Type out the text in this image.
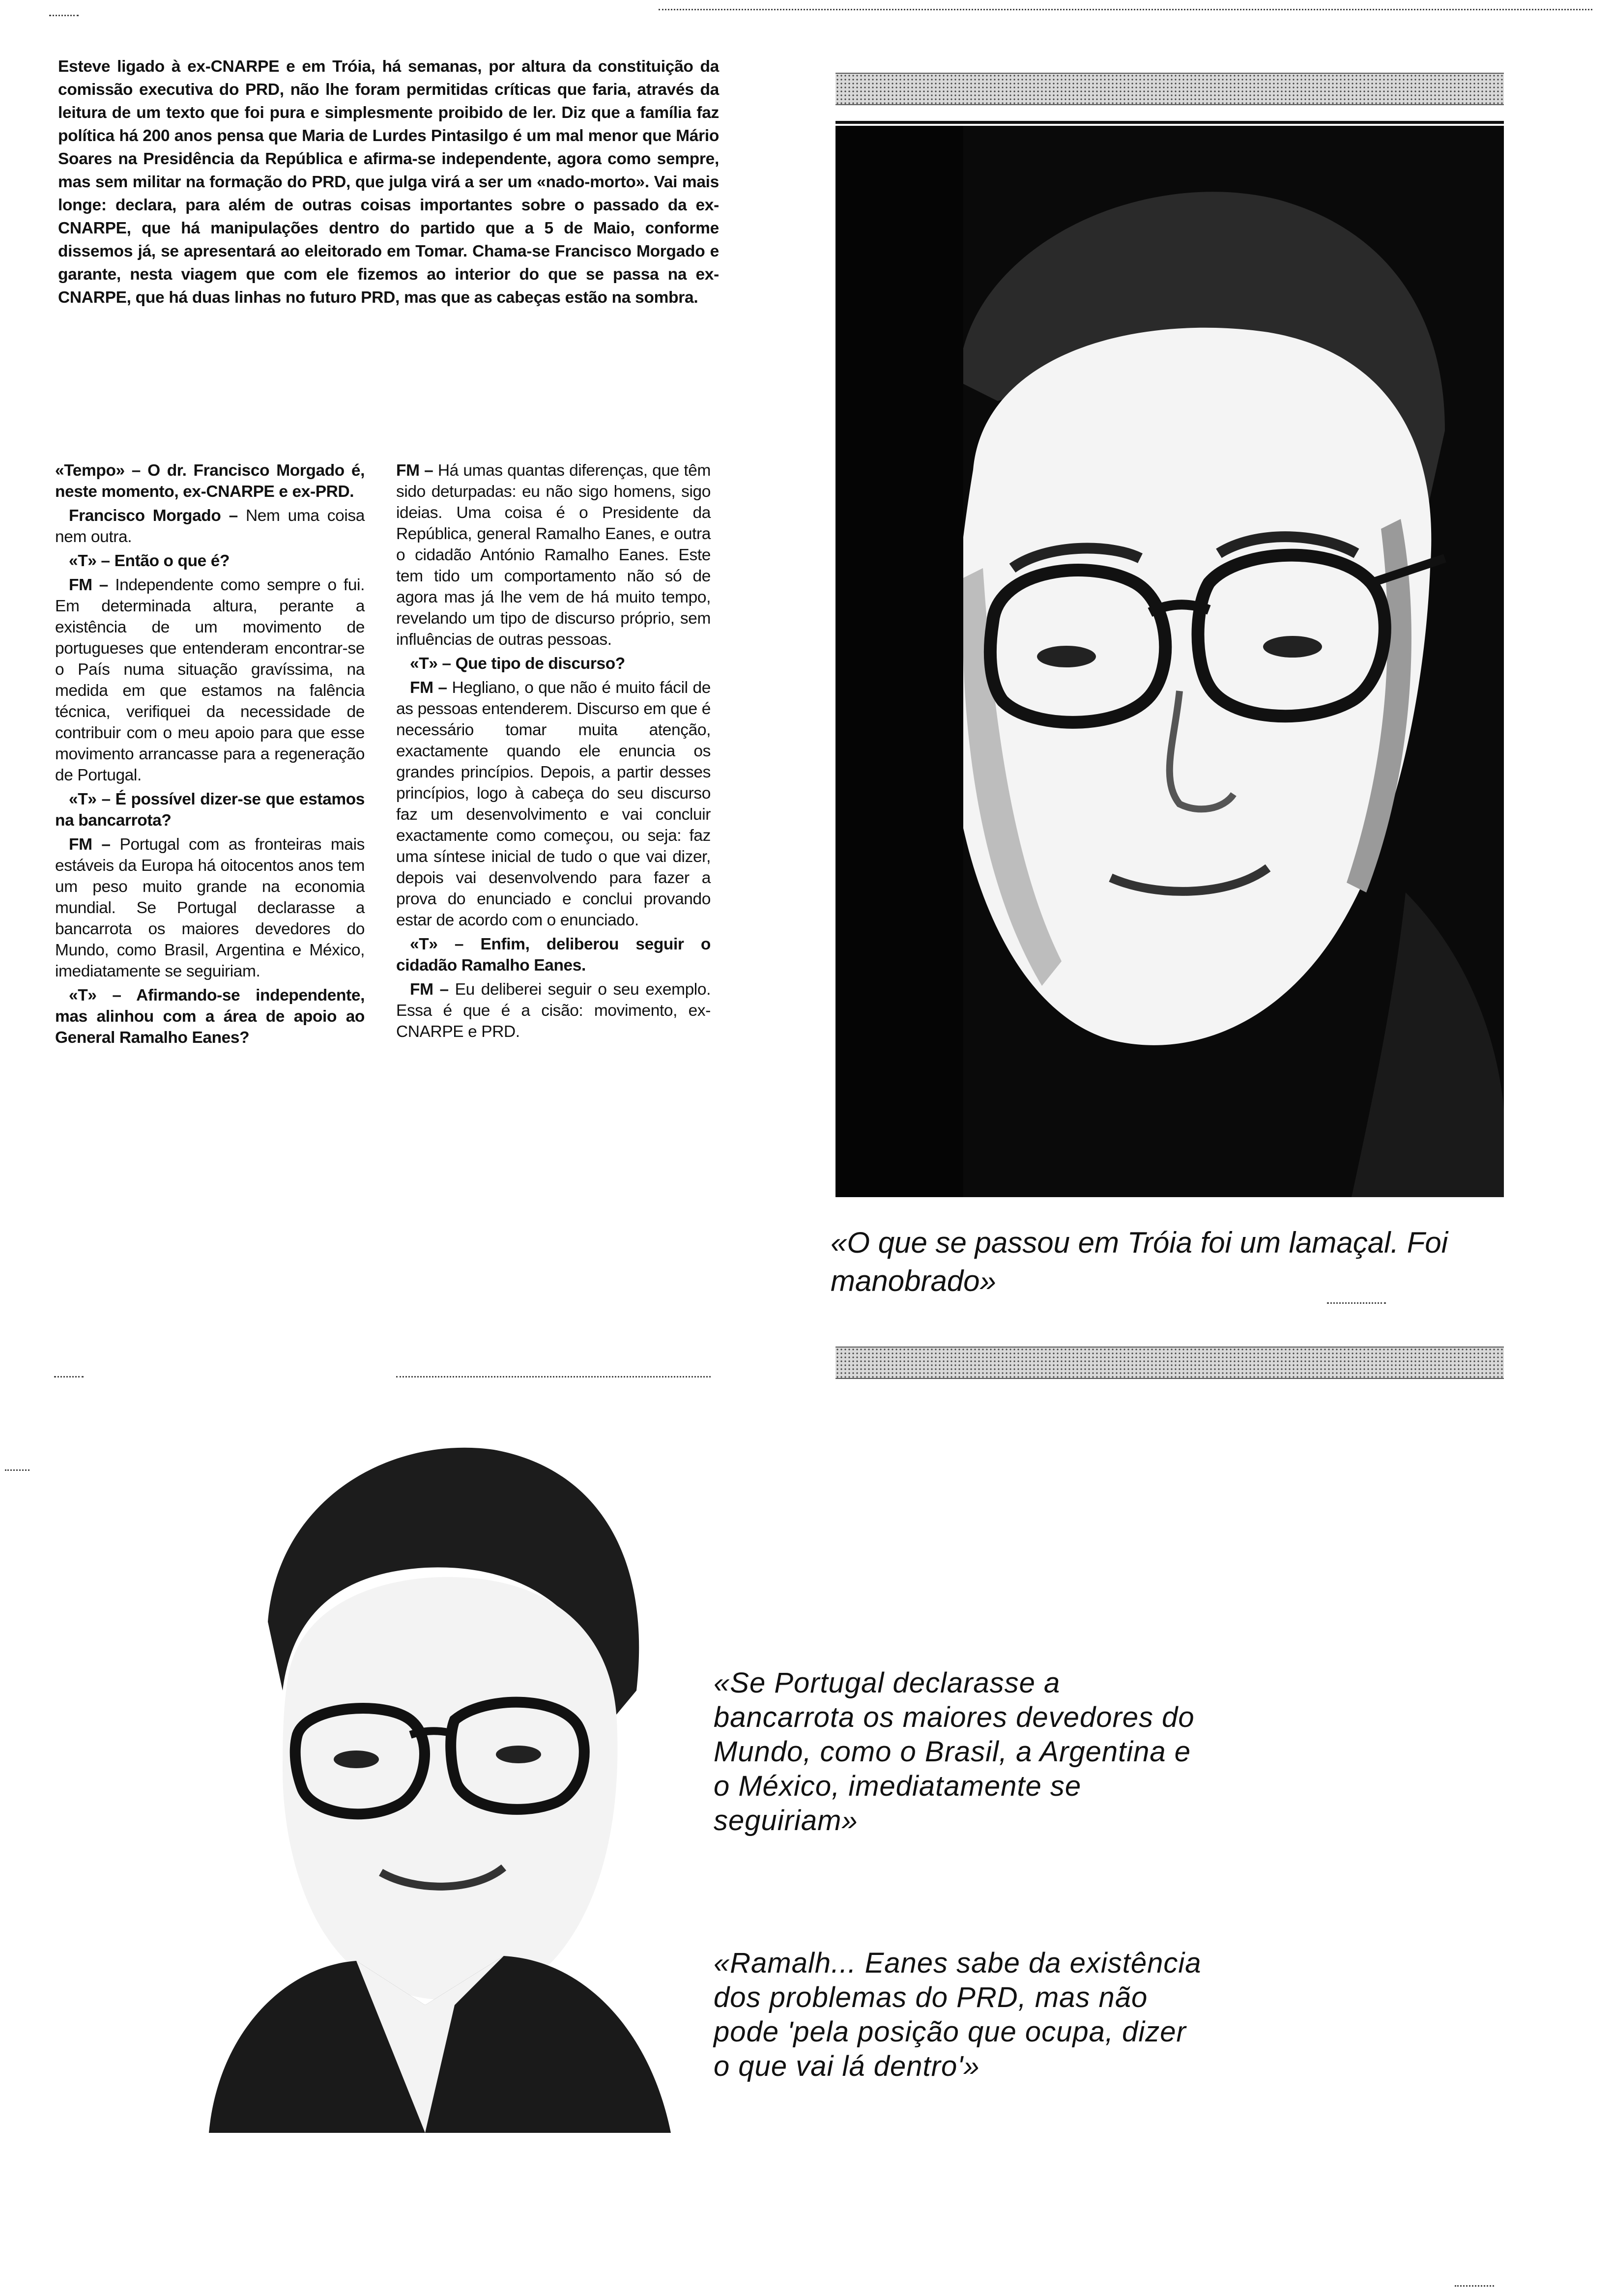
Esteve ligado à ex-CNARPE e em Tróia, há semanas, por altura da constituição da comissão executiva do PRD, não lhe foram permitidas críticas que faria, através da leitura de um texto que foi pura e simplesmente proibido de ler. Diz que a família faz política há 200 anos pensa que Maria de Lurdes Pintasilgo é um mal menor que Mário Soares na Presidência da República e afirma-se independente, agora como sempre, mas sem militar na formação do PRD, que julga virá a ser um «nado-morto». Vai mais longe: declara, para além de outras coisas importantes sobre o passado da ex-CNARPE, que há manipulações dentro do partido que a 5 de Maio, conforme dissemos já, se apresentará ao eleitorado em Tomar. Chama-se Francisco Morgado e garante, nesta viagem que com ele fizemos ao interior do que se passa na ex-CNARPE, que há duas linhas no futuro PRD, mas que as cabeças estão na sombra.

«Tempo» – O dr. Francisco Morgado é, neste momento, ex-CNARPE e ex-PRD.

Francisco Morgado – Nem uma coisa nem outra.

«T» – Então o que é?

FM – Independente como sempre o fui. Em determinada altura, perante a existência de um movimento de portugueses que entenderam encontrar-se o País numa situação gravíssima, na medida em que estamos na falência técnica, verifiquei da necessidade de contribuir com o meu apoio para que esse movimento arrancasse para a regeneração de Portugal.

«T» – É possível dizer-se que estamos na bancarrota?

FM – Portugal com as fronteiras mais estáveis da Europa há oitocentos anos tem um peso muito grande na economia mundial. Se Portugal declarasse a bancarrota os maiores devedores do Mundo, como Brasil, Argentina e México, imediatamente se seguiriam.

«T» – Afirmando-se independente, mas alinhou com a área de apoio ao General Ramalho Eanes?

FM – Há umas quantas diferenças, que têm sido deturpadas: eu não sigo homens, sigo ideias. Uma coisa é o Presidente da República, general Ramalho Eanes, e outra o cidadão António Ramalho Eanes. Este tem tido um comportamento não só de agora mas já lhe vem de há muito tempo, revelando um tipo de discurso próprio, sem influências de outras pessoas.

«T» – Que tipo de discurso?

FM – Hegliano, o que não é muito fácil de as pessoas entenderem. Discurso em que é necessário tomar muita atenção, exactamente quando ele enuncia os grandes princípios. Depois, a partir desses princípios, logo à cabeça do seu discurso faz um desenvolvimento e vai concluir exactamente como começou, ou seja: faz uma síntese inicial de tudo o que vai dizer, depois vai desenvolvendo para fazer a prova do enunciado e conclui provando estar de acordo com o enunciado.

«T» – Enfim, deliberou seguir o cidadão Ramalho Eanes.

FM – Eu deliberei seguir o seu exemplo. Essa é que é a cisão: movimento, ex-CNARPE e PRD.

«O que se passou em Tróia foi um lamaçal. Foi manobrado»
«Se Portugal declarasse a bancarrota os maiores devedores do Mundo, como o Brasil, a Argentina e o México, imediatamente se seguiriam»
«Ramalh... Eanes sabe da existência dos problemas do PRD, mas não pode 'pela posição que ocupa, dizer o que vai lá dentro'»
